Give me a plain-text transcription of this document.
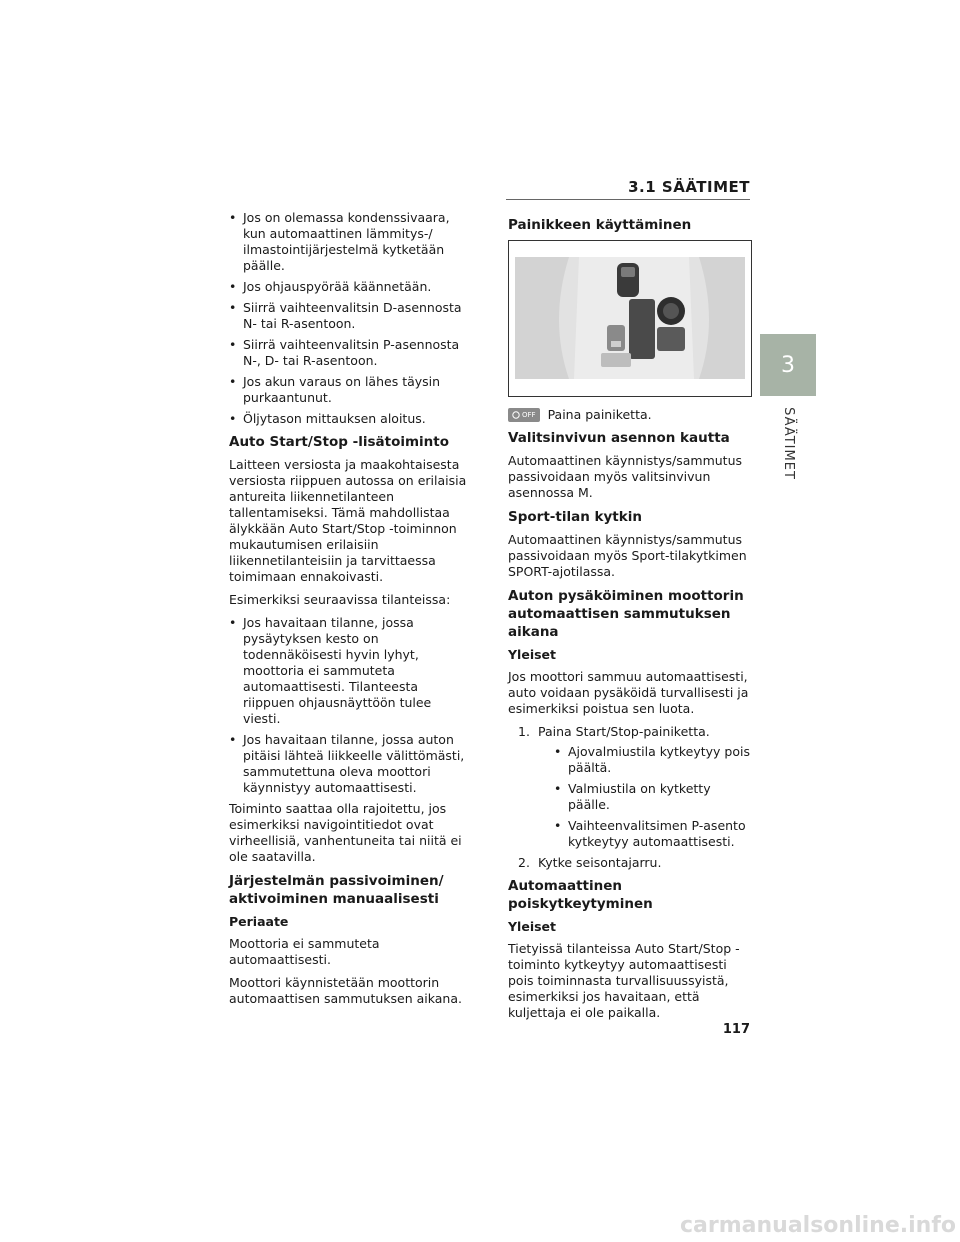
3.1 SÄÄTIMET
3
SÄÄTIMET
• Jos on olemassa kondenssivaara, kun automaattinen lämmitys-/ ilmastointijärjestelmä kytketään päälle.
• Jos ohjauspyörää käännetään.
• Siirrä vaihteenvalitsin D-asennosta N- tai R-asentoon.
• Siirrä vaihteenvalitsin P-asennosta N-, D- tai R-asentoon.
• Jos akun varaus on lähes täysin purkaantunut.
• Öljytason mittauksen aloitus.
Auto Start/Stop -lisätoiminto

Laitteen versiosta ja maakohtaisesta versiosta riippuen autossa on erilaisia antureita liikennetilanteen tallentamiseksi. Tämä mahdollistaa älykkään Auto Start/Stop -toiminnon mukautumisen erilaisiin liikennetilanteisiin ja tarvittaessa toimimaan ennakoivasti.

Esimerkiksi seuraavissa tilanteissa:

• Jos havaitaan tilanne, jossa pysäytyksen kesto on todennäköisesti hyvin lyhyt, moottoria ei sammuteta automaattisesti. Tilanteesta riippuen ohjausnäyttöön tulee viesti.
• Jos havaitaan tilanne, jossa auton pitäisi lähteä liikkeelle välittömästi, sammutettuna oleva moottori käynnistyy automaattisesti.

Toiminto saattaa olla rajoitettu, jos esimerkiksi navigointitiedot ovat virheellisiä, vanhentuneita tai niitä ei ole saatavilla.

Järjestelmän passivoiminen/ aktivoiminen manuaalisesti
Periaate

Moottoria ei sammuteta automaattisesti.

Moottori käynnistetään moottorin automaattisen sammutuksen aikana.

Painikkeen käyttäminen
OFF Paina painiketta.
Valitsinvivun asennon kautta

Automaattinen käynnistys/sammutus passivoidaan myös valitsinvivun asennossa M.

Sport-tilan kytkin

Automaattinen käynnistys/sammutus passivoidaan myös Sport-tilakytkimen SPORT-ajotilassa.

Auton pysäköiminen moottorin automaattisen sammutuksen aikana
Yleiset

Jos moottori sammuu automaattisesti, auto voidaan pysäköidä turvallisesti ja esimerkiksi poistua sen luota.

1. Paina Start/Stop-painiketta.
• Ajovalmiustila kytkeytyy pois päältä.
• Valmiustila on kytketty päälle.
• Vaihteenvalitsimen P-asento kytkeytyy automaattisesti.
2. Kytke seisontajarru.
Automaattinen poiskytkeytyminen
Yleiset

Tietyissä tilanteissa Auto Start/Stop -toiminto kytkeytyy automaattisesti pois toiminnasta turvallisuussyistä, esimerkiksi jos havaitaan, että kuljettaja ei ole paikalla.

117
carmanualsonline.info
